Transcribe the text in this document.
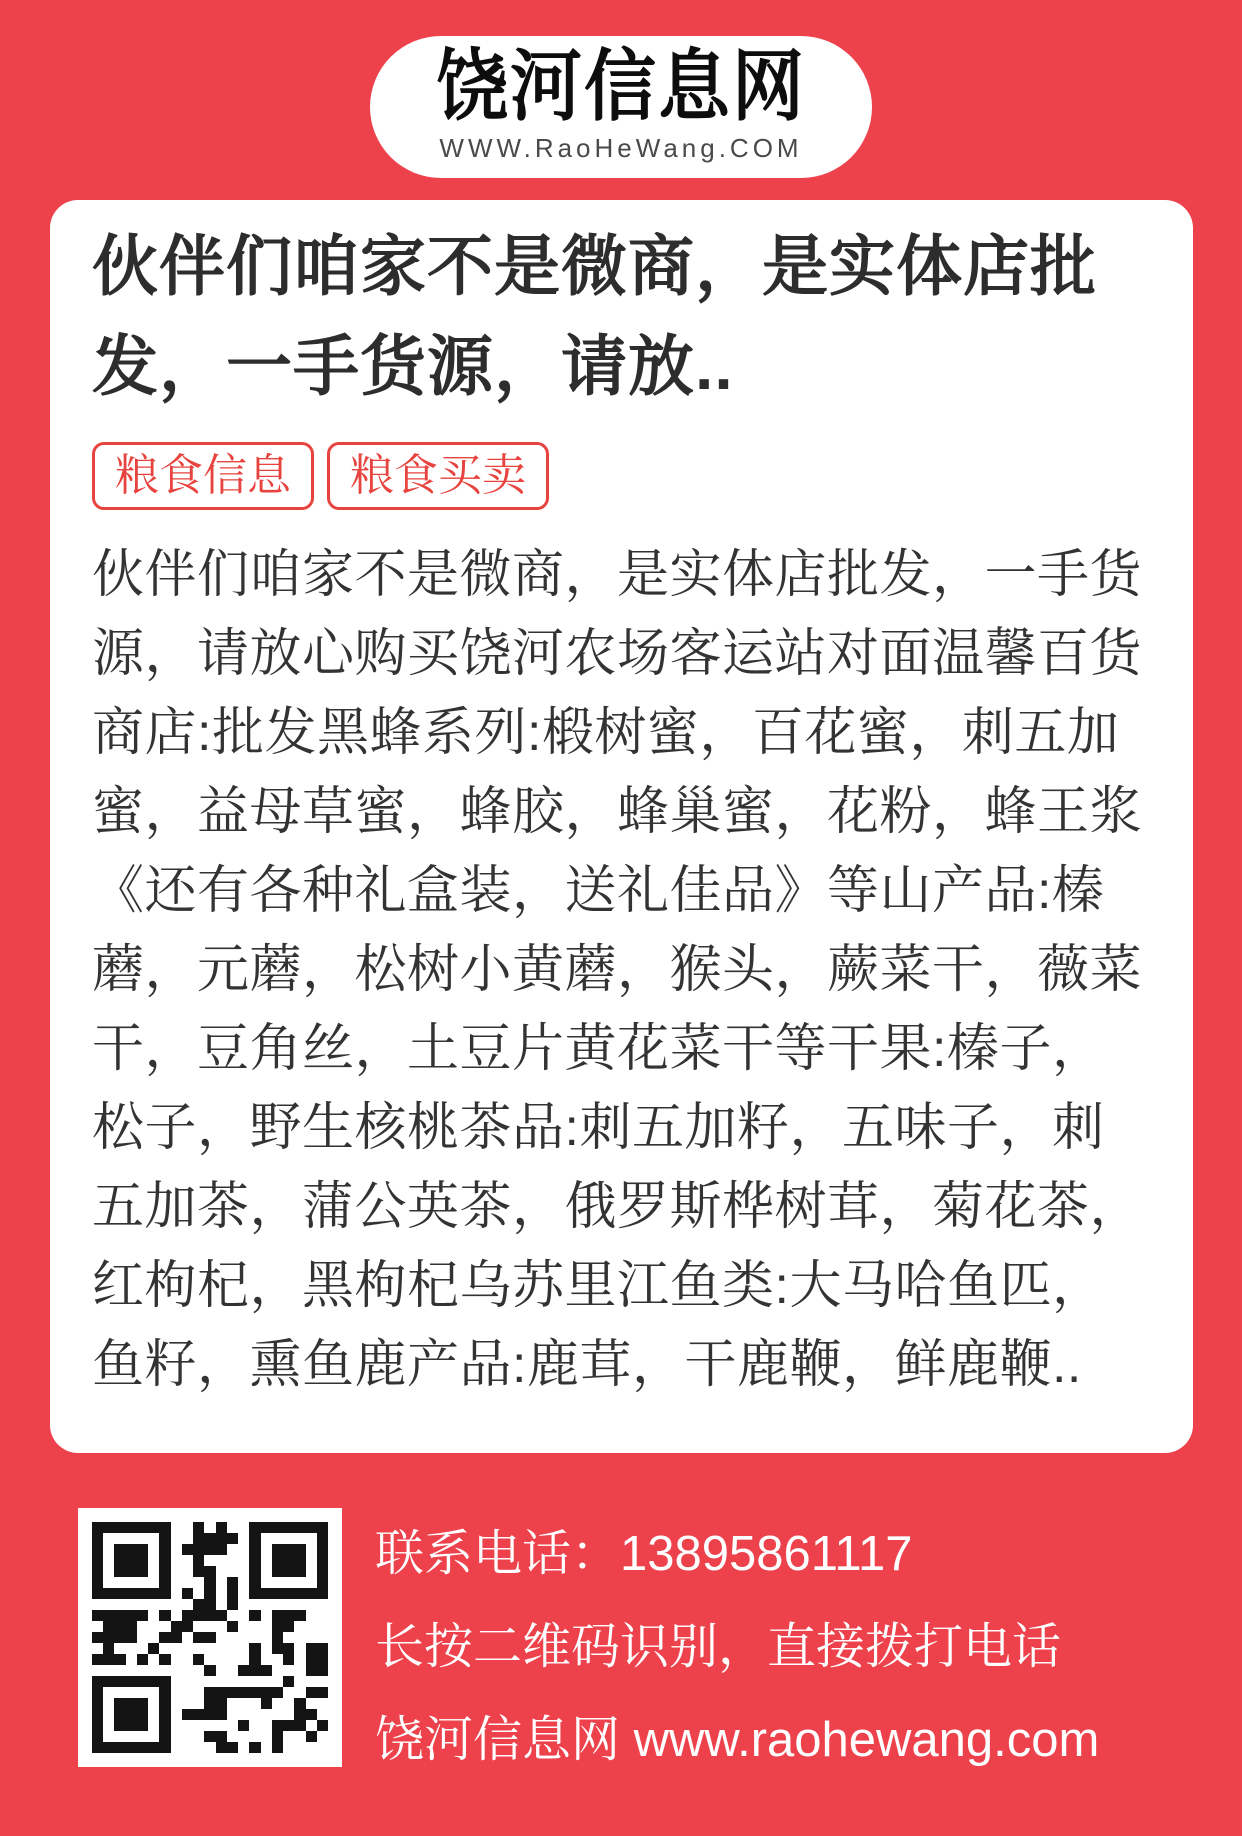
饶河信息网
WWW.RaoHeWang.COM
伙伴们咱家不是微商，是实体店批发，一手货源，请放..
粮食信息	粮食买卖

伙伴们咱家不是微商，是实体店批发，一手货源，请放心购买饶河农场客运站对面温馨百货商店:批发黑蜂系列:椴树蜜，百花蜜，刺五加蜜，益母草蜜，蜂胶，蜂巢蜜，花粉，蜂王浆《还有各种礼盒装，送礼佳品》等山产品:榛蘑，元蘑，松树小黄蘑，猴头，蕨菜干，薇菜干，豆角丝，土豆片黄花菜干等干果:榛子，松子，野生核桃茶品:刺五加籽，五味子，刺五加茶，蒲公英茶，俄罗斯桦树茸，菊花茶，红枸杞，黑枸杞乌苏里江鱼类:大马哈鱼匹，鱼籽，熏鱼鹿产品:鹿茸，干鹿鞭，鲜鹿鞭..

联系电话：13895861117
长按二维码识别，直接拨打电话
饶河信息网 www.raohewang.com
